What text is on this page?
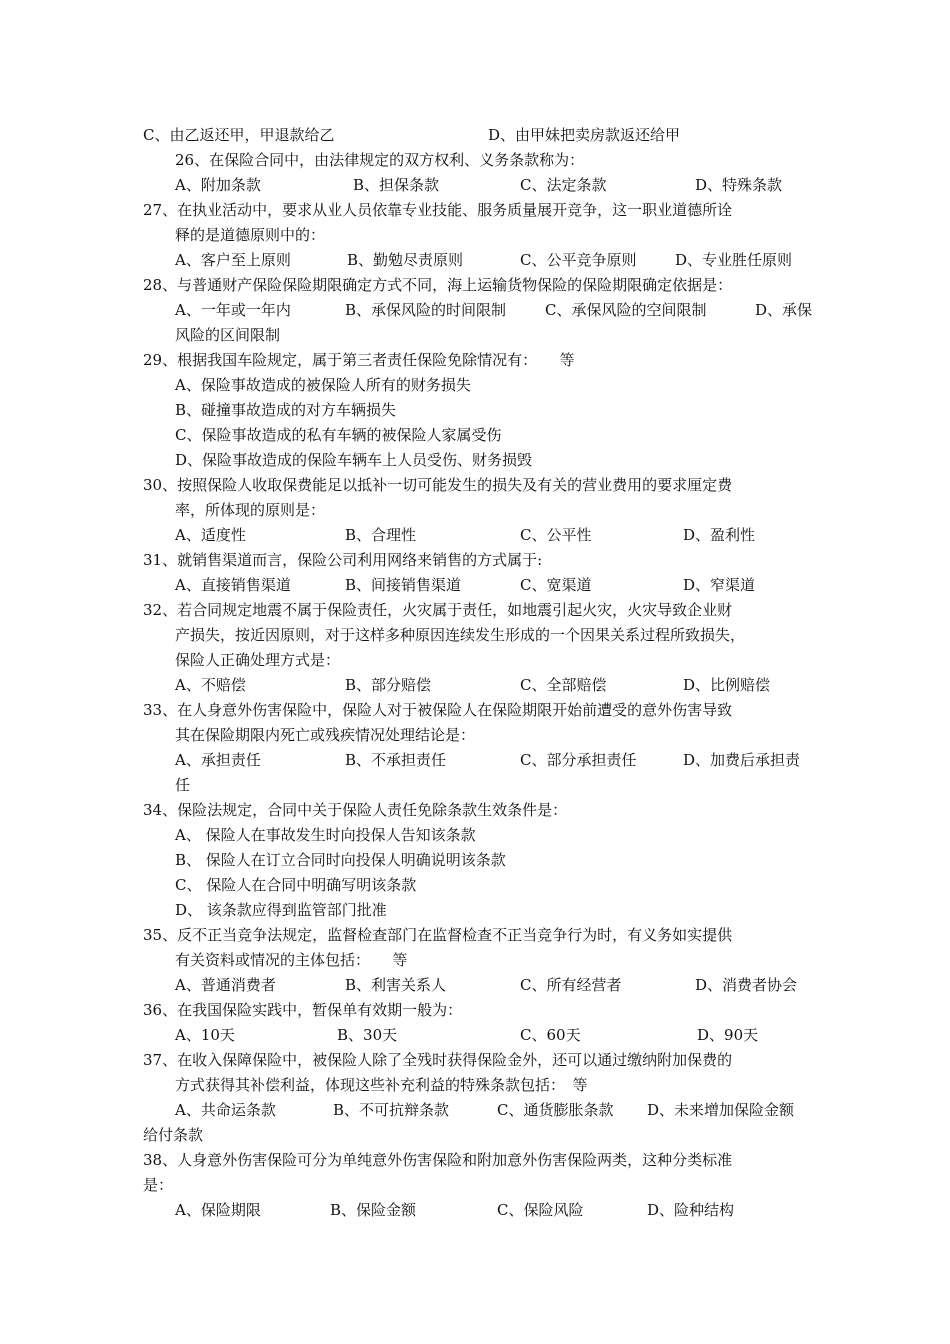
C、由乙返还甲，甲退款给乙	D、由甲妹把卖房款返还给甲
26、在保险合同中，由法律规定的双方权利、义务条款称为：
A、附加条款	B、担保条款	C、法定条款	D、特殊条款
27、在执业活动中，要求从业人员依靠专业技能、服务质量展开竞争，这一职业道德所诠
释的是道德原则中的：
A、客户至上原则	B、勤勉尽责原则	C、公平竞争原则	D、专业胜任原则
28、与普通财产保险保险期限确定方式不同，海上运输货物保险的保险期限确定依据是：
A、一年或一年内	B、承保风险的时间限制	C、承保风险的空间限制	D、承保
风险的区间限制
29、根据我国车险规定，属于第三者责任保险免除情况有：　　等
A、保险事故造成的被保险人所有的财务损失
B、碰撞事故造成的对方车辆损失
C、保险事故造成的私有车辆的被保险人家属受伤
D、保险事故造成的保险车辆车上人员受伤、财务损毁
30、按照保险人收取保费能足以抵补一切可能发生的损失及有关的营业费用的要求厘定费
率，所体现的原则是：
A、适度性	B、合理性	C、公平性	D、盈利性
31、就销售渠道而言，保险公司利用网络来销售的方式属于:
A、直接销售渠道	B、间接销售渠道	C、宽渠道	D、窄渠道
32、若合同规定地震不属于保险责任，火灾属于责任，如地震引起火灾，火灾导致企业财
产损失，按近因原则，对于这样多种原因连续发生形成的一个因果关系过程所致损失，
保险人正确处理方式是：
A、不赔偿	B、部分赔偿	C、全部赔偿	D、比例赔偿
33、在人身意外伤害保险中，保险人对于被保险人在保险期限开始前遭受的意外伤害导致
其在保险期限内死亡或残疾情况处理结论是：
A、承担责任	B、不承担责任	C、部分承担责任	D、加费后承担责
任
34、保险法规定，合同中关于保险人责任免除条款生效条件是：
A、 保险人在事故发生时向投保人告知该条款
B、 保险人在订立合同时向投保人明确说明该条款
C、 保险人在合同中明确写明该条款
D、 该条款应得到监管部门批准
35、反不正当竞争法规定，监督检查部门在监督检查不正当竞争行为时，有义务如实提供
有关资料或情况的主体包括：　　等
A、普通消费者	B、利害关系人	C、所有经营者	D、消费者协会
36、在我国保险实践中，暂保单有效期一般为：
A、10天	B、30天	C、60天	D、90天
37、在收入保障保险中，被保险人除了全残时获得保险金外，还可以通过缴纳附加保费的
方式获得其补偿利益，体现这些补充利益的特殊条款包括：　等
A、共命运条款	B、不可抗辩条款	C、通货膨胀条款 D、未来增加保险金额
给付条款
38、人身意外伤害保险可分为单纯意外伤害保险和附加意外伤害保险两类，这种分类标准
是：
A、保险期限	B、保险金额	C、保险风险	D、险种结构
